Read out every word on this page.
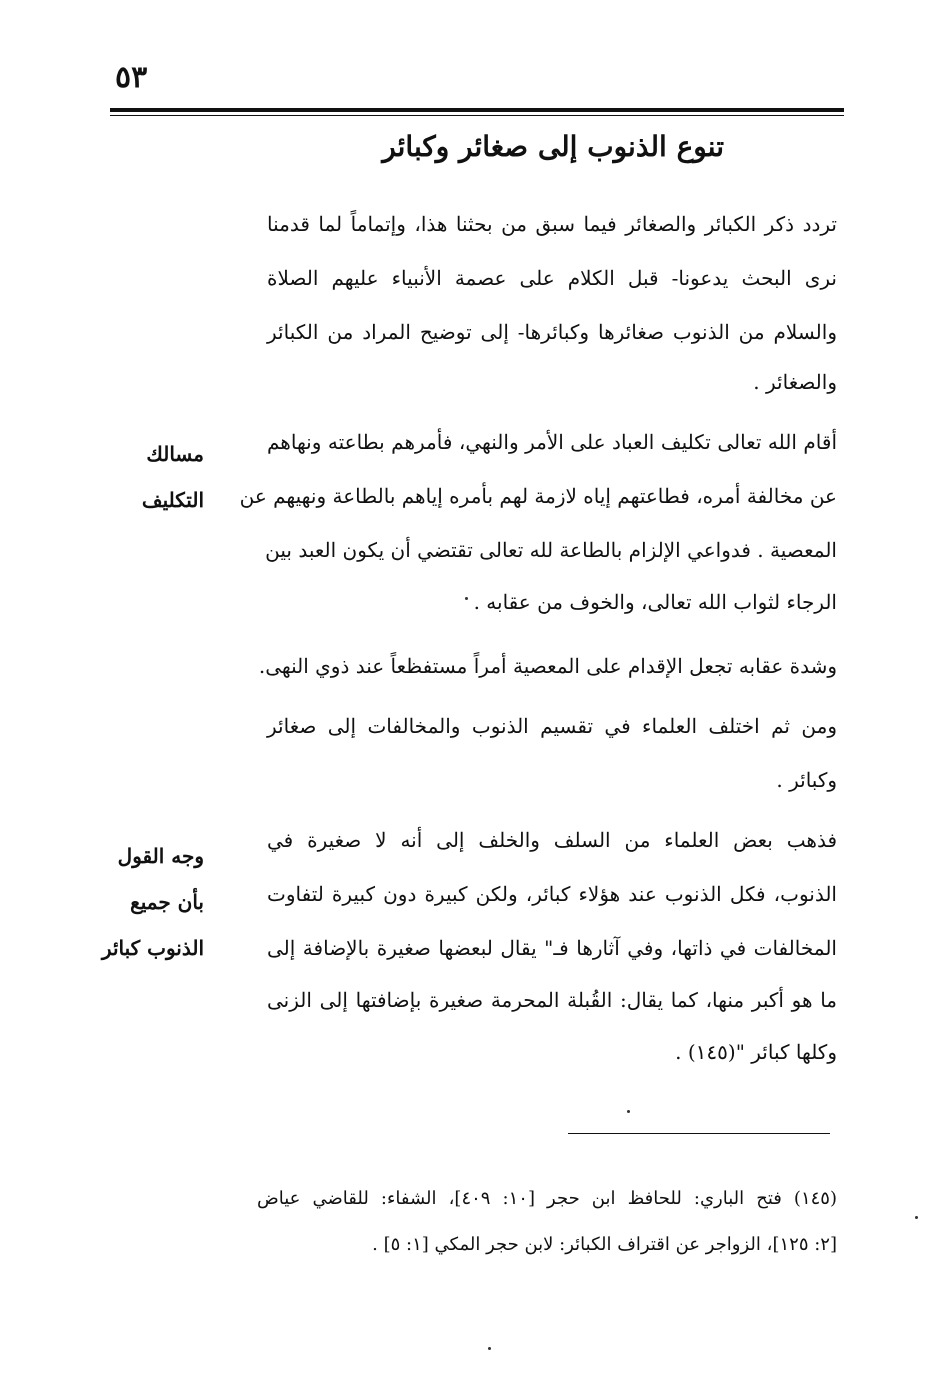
٥٣
تنوع الذنوب إلى صغائر وكبائر
تردد ذكر الكبائر والصغائر فيما سبق من بحثنا هذا، وإتماماً لما قدمنا
نرى البحث يدعونا- قبل الكلام على عصمة الأنبياء عليهم الصلاة
والسلام من الذنوب صغائرها وكبائرها- إلى توضيح المراد من الكبائر
والصغائر .
أقام الله تعالى تكليف العباد على الأمر والنهي، فأمرهم بطاعته ونهاهم
عن مخالفة أمره، فطاعتهم إياه لازمة لهم بأمره إياهم بالطاعة ونهيهم عن
المعصية . فدواعي الإلزام بالطاعة لله تعالى تقتضي أن يكون العبد بين
الرجاء لثواب الله تعالى، والخوف من عقابه .
وشدة عقابه تجعل الإقدام على المعصية أمراً مستفظعاً عند ذوي النهى.
ومن ثم اختلف العلماء في تقسيم الذنوب والمخالفات إلى صغائر
وكبائر .
فذهب بعض العلماء من السلف والخلف إلى أنه لا صغيرة في
الذنوب، فكل الذنوب عند هؤلاء كبائر، ولكن كبيرة دون كبيرة لتفاوت
المخالفات في ذاتها، وفي آثارها فـ" يقال لبعضها صغيرة بالإضافة إلى
ما هو أكبر منها، كما يقال: القُبلة المحرمة صغيرة بإضافتها إلى الزنى
وكلها كبائر "(١٤٥) .
مسالك
التكليف
وجه القول
بأن جميع
الذنوب كبائر
(١٤٥) فتح الباري: للحافظ ابن حجر [١٠: ٤٠٩]، الشفاء: للقاضي عياض
[٢: ١٢٥]، الزواجر عن اقتراف الكبائر: لابن حجر المكي [١: ٥] .
